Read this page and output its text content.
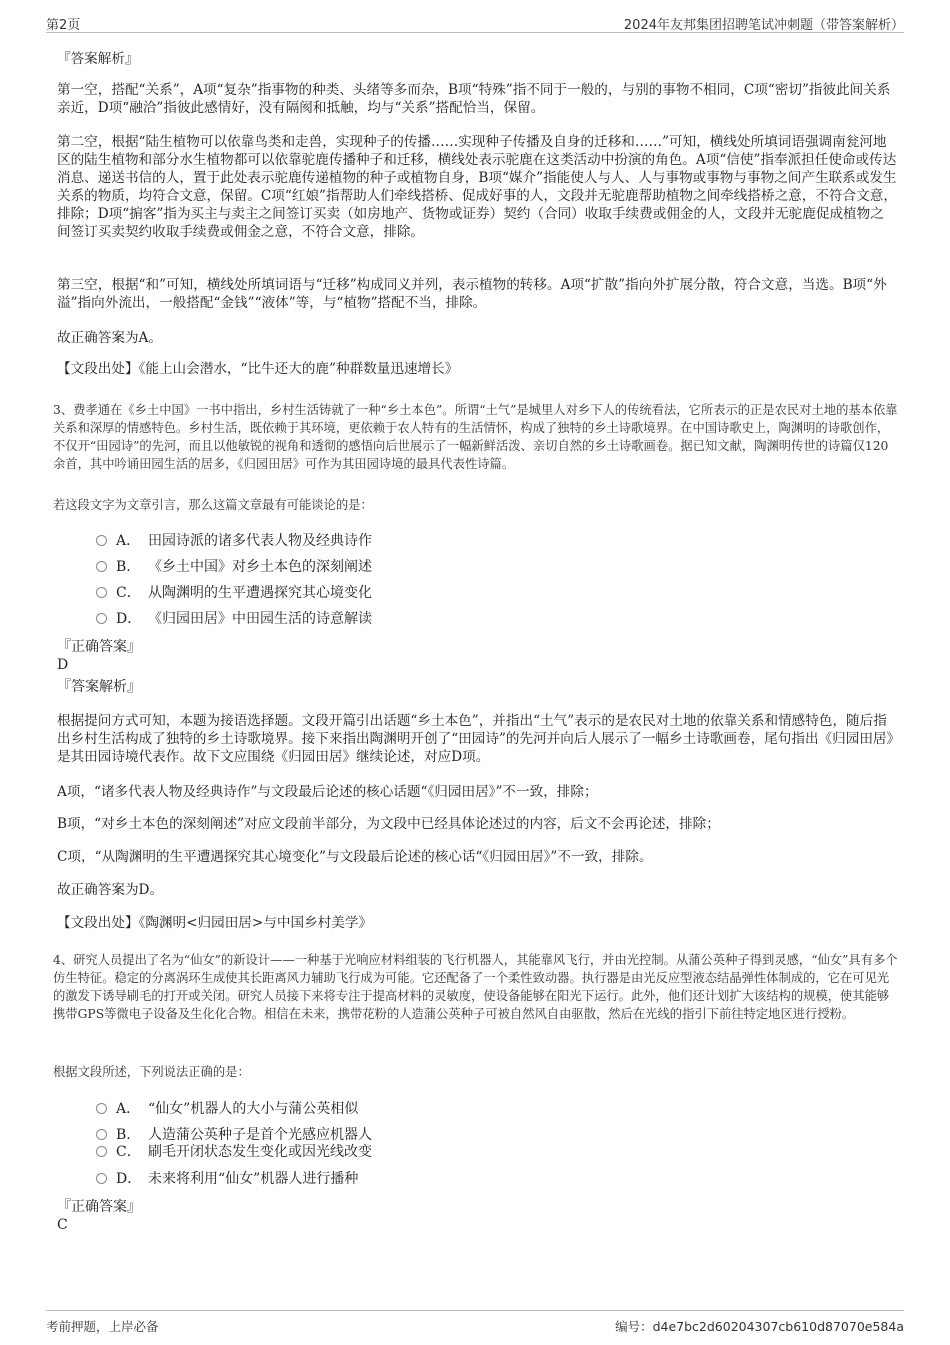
第2页	2024年友邦集团招聘笔试冲刺题（带答案解析）
『答案解析』
第一空，搭配“关系”，A项“复杂”指事物的种类、头绪等多而杂，B项“特殊”指不同于一般的，与别的事物不相同，C项“密切”指彼此间关系亲近，D项“融洽”指彼此感情好，没有隔阂和抵触，均与“关系”搭配恰当，保留。
第二空，根据“陆生植物可以依靠鸟类和走兽，实现种子的传播……实现种子传播及自身的迁移和……”可知，横线处所填词语强调南瓮河地区的陆生植物和部分水生植物都可以依靠驼鹿传播种子和迁移，横线处表示驼鹿在这类活动中扮演的角色。A项“信使”指奉派担任使命或传达消息、递送书信的人，置于此处表示驼鹿传递植物的种子或植物自身，B项“媒介”指能使人与人、人与事物或事物与事物之间产生联系或发生关系的物质，均符合文意，保留。C项“红娘”指帮助人们牵线搭桥、促成好事的人，文段并无驼鹿帮助植物之间牵线搭桥之意，不符合文意，排除；D项“掮客”指为买主与卖主之间签订买卖（如房地产、货物或证券）契约（合同）收取手续费或佣金的人，文段并无驼鹿促成植物之间签订买卖契约收取手续费或佣金之意，不符合文意，排除。
第三空，根据“和”可知，横线处所填词语与“迁移”构成同义并列，表示植物的转移。A项“扩散”指向外扩展分散，符合文意，当选。B项“外溢”指向外流出，一般搭配“金钱”“液体”等，与“植物”搭配不当，排除。
故正确答案为A。
【文段出处】《能上山会潜水，“比牛还大的鹿”种群数量迅速增长》
3、费孝通在《乡土中国》一书中指出，乡村生活铸就了一种“乡土本色”。所谓“土气”是城里人对乡下人的传统看法，它所表示的正是农民对土地的基本依靠关系和深厚的情感特色。乡村生活，既依赖于其环境，更依赖于农人特有的生活情怀，构成了独特的乡土诗歌境界。在中国诗歌史上，陶渊明的诗歌创作，不仅开“田园诗”的先河，而且以他敏锐的视角和透彻的感悟向后世展示了一幅新鲜活泼、亲切自然的乡土诗歌画卷。据已知文献，陶渊明传世的诗篇仅120余首，其中吟诵田园生活的居多，《归园田居》可作为其田园诗境的最具代表性诗篇。
若这段文字为文章引言，那么这篇文章最有可能谈论的是：
A． 田园诗派的诸多代表人物及经典诗作
B. 《乡土中国》对乡土本色的深刻阐述
C． 从陶渊明的生平遭遇探究其心境变化
D． 《归园田居》中田园生活的诗意解读
『正确答案』
D
『答案解析』
根据提问方式可知，本题为接语选择题。文段开篇引出话题“乡土本色”，并指出“土气”表示的是农民对土地的依靠关系和情感特色，随后指出乡村生活构成了独特的乡土诗歌境界。接下来指出陶渊明开创了“田园诗”的先河并向后人展示了一幅乡土诗歌画卷，尾句指出《归园田居》是其田园诗境代表作。故下文应围绕《归园田居》继续论述，对应D项。
A项，“诸多代表人物及经典诗作”与文段最后论述的核心话题“《归园田居》”不一致，排除；
B项，“对乡土本色的深刻阐述”对应文段前半部分，为文段中已经具体论述过的内容，后文不会再论述，排除；
C项，“从陶渊明的生平遭遇探究其心境变化”与文段最后论述的核心话“《归园田居》”不一致，排除。
故正确答案为D。
【文段出处】《陶渊明<归园田居>与中国乡村美学》
4、研究人员提出了名为“仙女”的新设计——一种基于光响应材料组装的飞行机器人，其能靠风飞行，并由光控制。从蒲公英种子得到灵感，“仙女”具有多个仿生特征。稳定的分离涡环生成使其长距离风力辅助飞行成为可能。它还配备了一个柔性致动器。执行器是由光反应型液态结晶弹性体制成的，它在可见光的激发下诱导刷毛的打开或关闭。研究人员接下来将专注于提高材料的灵敏度，使设备能够在阳光下运行。此外，他们还计划扩大该结构的规模，使其能够携带GPS等微电子设备及生化化合物。相信在未来，携带花粉的人造蒲公英种子可被自然风自由驱散，然后在光线的指引下前往特定地区进行授粉。
根据文段所述，下列说法正确的是：
A． “仙女”机器人的大小与蒲公英相似
B. 人造蒲公英种子是首个光感应机器人
C． 刷毛开闭状态发生变化或因光线改变
D． 未来将利用“仙女”机器人进行播种
『正确答案』
C
考前押题，上岸必备	编号：d4e7bc2d60204307cb610d87070e584a
